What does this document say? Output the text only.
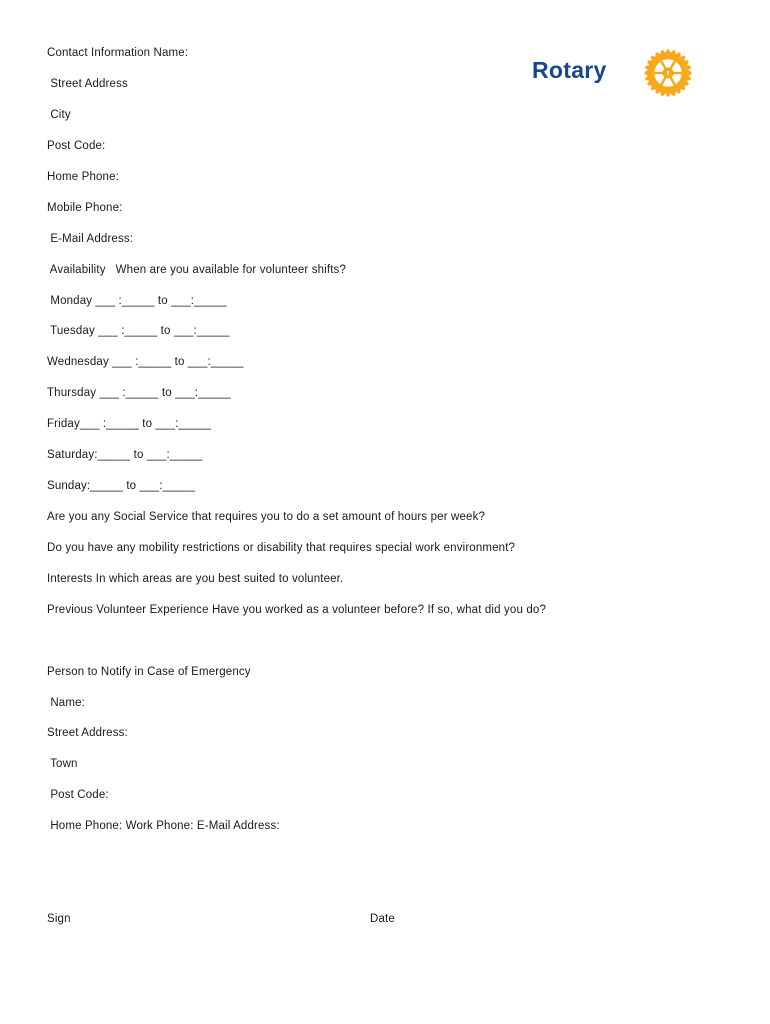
Rotary
Contact Information Name:
Street Address
City
Post Code:
Home Phone:
Mobile Phone:
E-Mail Address:
Availability   When are you available for volunteer shifts?
Monday ___ :_____ to ___:_____
Tuesday ___ :_____ to ___:_____
Wednesday ___ :_____ to ___:_____
Thursday ___ :_____ to ___:_____
Friday___ :_____ to ___:_____
Saturday:_____ to ___:_____
Sunday:_____ to ___:_____
Are you any Social Service that requires you to do a set amount of hours per week?
Do you have any mobility restrictions or disability that requires special work environment?
Interests In which areas are you best suited to volunteer.
Previous Volunteer Experience Have you worked as a volunteer before? If so, what did you do?
Person to Notify in Case of Emergency
Name:
Street Address:
Town
Post Code:
Home Phone: Work Phone: E-Mail Address:
Sign	Date
